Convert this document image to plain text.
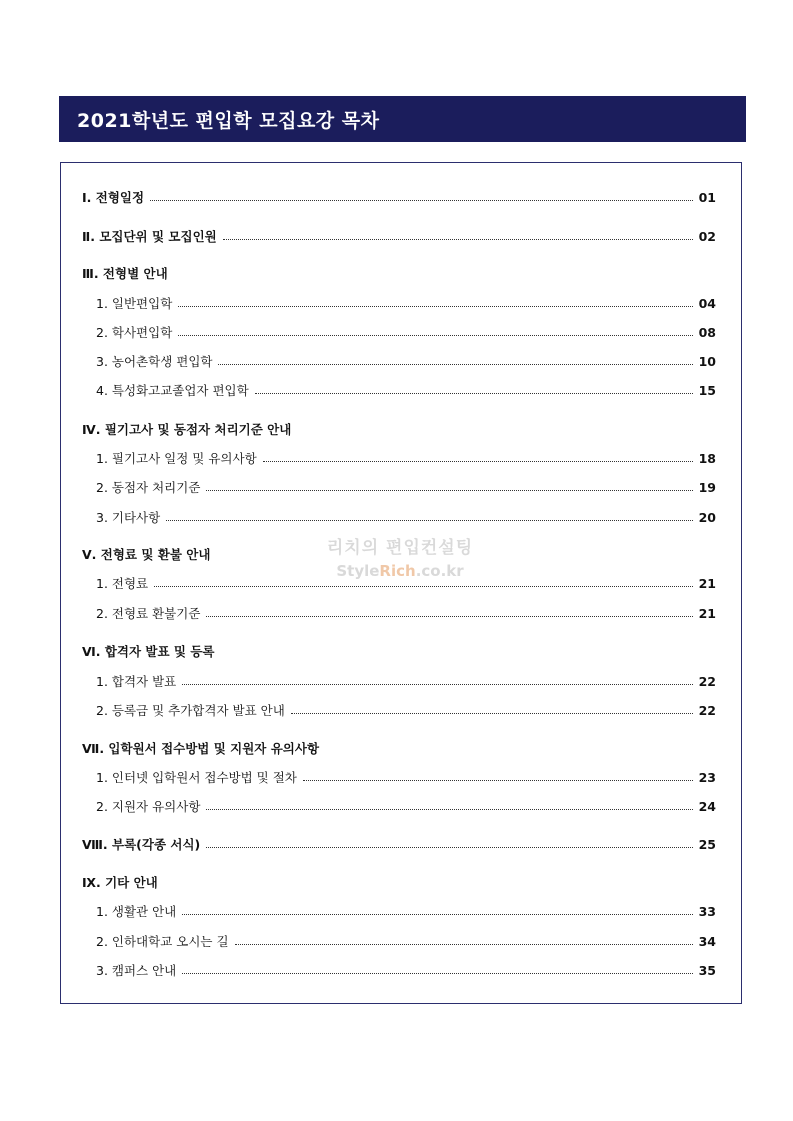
2021학년도 편입학 모집요강 목차
Ⅰ. 전형일정	01
Ⅱ. 모집단위 및 모집인원	02
Ⅲ. 전형별 안내
1. 일반편입학	04
2. 학사편입학	08
3. 농어촌학생 편입학	10
4. 특성화고교졸업자 편입학	15
Ⅳ. 필기고사 및 동점자 처리기준 안내
1. 필기고사 일정 및 유의사항	18
2. 동점자 처리기준	19
3. 기타사항	20
Ⅴ. 전형료 및 환불 안내
1. 전형료	21
2. 전형료 환불기준	21
Ⅵ. 합격자 발표 및 등록
1. 합격자 발표	22
2. 등록금 및 추가합격자 발표 안내	22
Ⅶ. 입학원서 접수방법 및 지원자 유의사항
1. 인터넷 입학원서 접수방법 및 절차	23
2. 지원자 유의사항	24
Ⅷ. 부록(각종 서식)	25
Ⅸ. 기타 안내
1. 생활관 안내	33
2. 인하대학교 오시는 길	34
3. 캠퍼스 안내	35
리치의 편입컨설팅
StyleRich.co.kr
